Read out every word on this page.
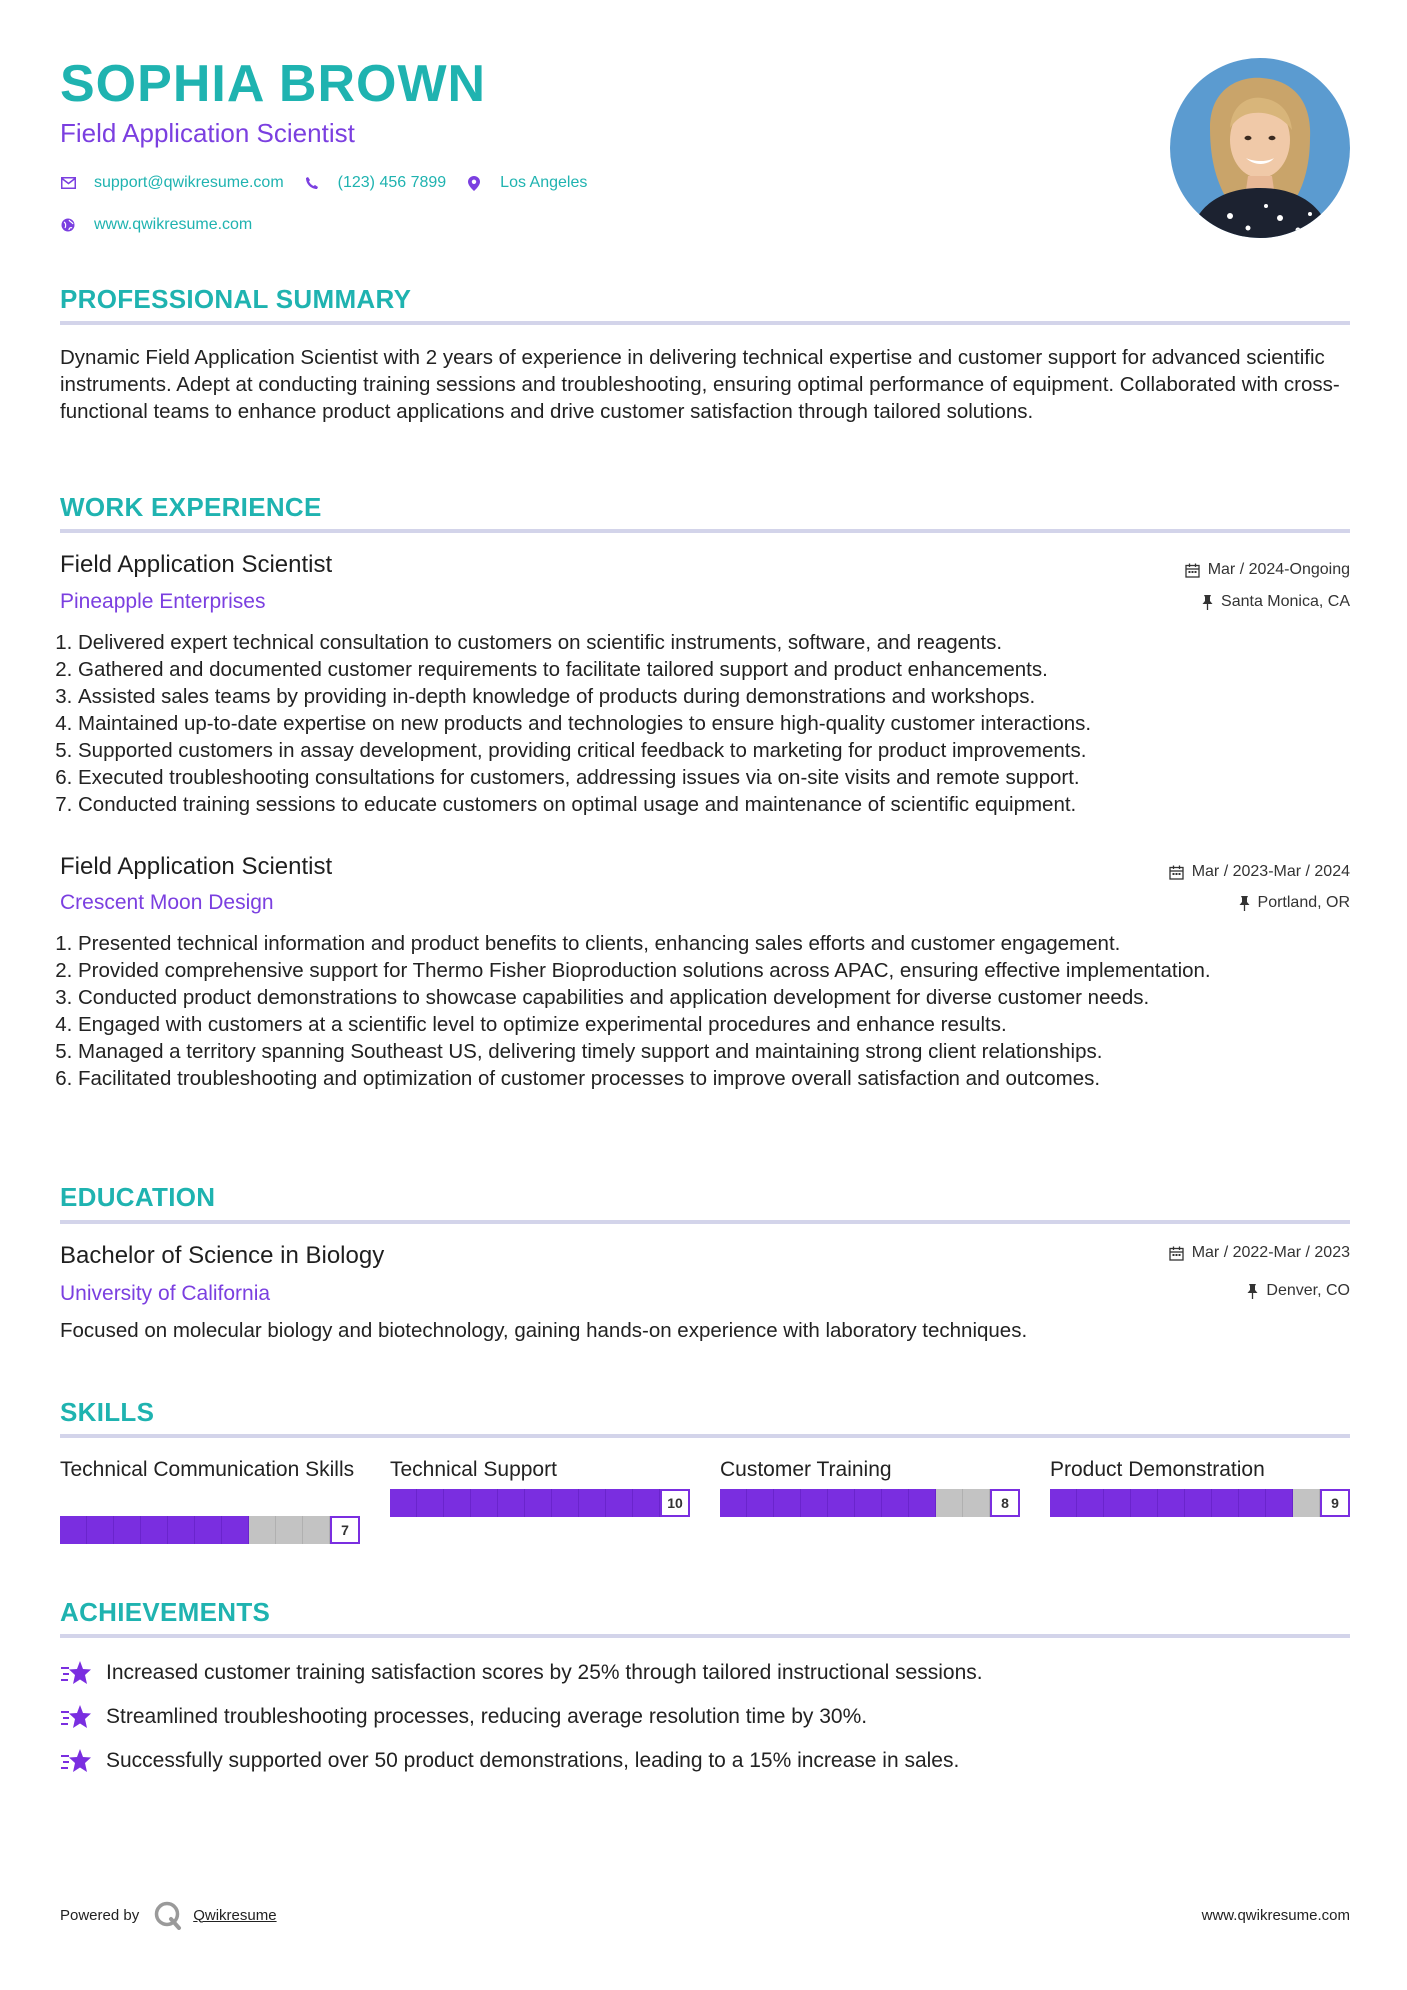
SOPHIA BROWN
Field Application Scientist
support@qwikresume.com	(123) 456 7899	Los Angeles
www.qwikresume.com
PROFESSIONAL SUMMARY
Dynamic Field Application Scientist with 2 years of experience in delivering technical expertise and customer support for advanced scientific instruments. Adept at conducting training sessions and troubleshooting, ensuring optimal performance of equipment. Collaborated with cross-functional teams to enhance product applications and drive customer satisfaction through tailored solutions.
WORK EXPERIENCE
Field Application Scientist	Mar / 2024-Ongoing
Pineapple Enterprises	Santa Monica, CA
1. Delivered expert technical consultation to customers on scientific instruments, software, and reagents.
2. Gathered and documented customer requirements to facilitate tailored support and product enhancements.
3. Assisted sales teams by providing in-depth knowledge of products during demonstrations and workshops.
4. Maintained up-to-date expertise on new products and technologies to ensure high-quality customer interactions.
5. Supported customers in assay development, providing critical feedback to marketing for product improvements.
6. Executed troubleshooting consultations for customers, addressing issues via on-site visits and remote support.
7. Conducted training sessions to educate customers on optimal usage and maintenance of scientific equipment.
Field Application Scientist	Mar / 2023-Mar / 2024
Crescent Moon Design	Portland, OR
1. Presented technical information and product benefits to clients, enhancing sales efforts and customer engagement.
2. Provided comprehensive support for Thermo Fisher Bioproduction solutions across APAC, ensuring effective implementation.
3. Conducted product demonstrations to showcase capabilities and application development for diverse customer needs.
4. Engaged with customers at a scientific level to optimize experimental procedures and enhance results.
5. Managed a territory spanning Southeast US, delivering timely support and maintaining strong client relationships.
6. Facilitated troubleshooting and optimization of customer processes to improve overall satisfaction and outcomes.
EDUCATION
Bachelor of Science in Biology	Mar / 2022-Mar / 2023
University of California	Denver, CO
Focused on molecular biology and biotechnology, gaining hands-on experience with laboratory techniques.
SKILLS
Technical Communication Skills
7
Technical Support
10
Customer Training
8
Product Demonstration
9
ACHIEVEMENTS
Increased customer training satisfaction scores by 25% through tailored instructional sessions.
Streamlined troubleshooting processes, reducing average resolution time by 30%.
Successfully supported over 50 product demonstrations, leading to a 15% increase in sales.
Powered by	Qwikresume	www.qwikresume.com
